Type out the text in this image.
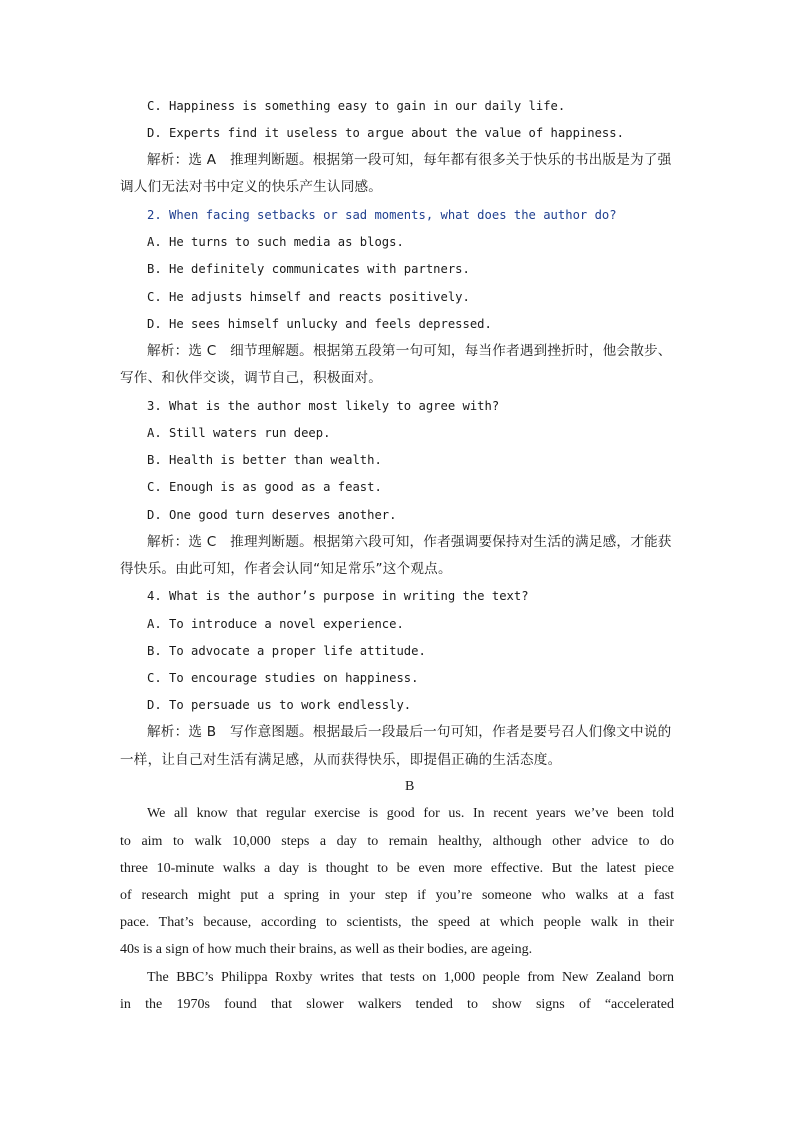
C. Happiness is something easy to gain in our daily life.
D. Experts find it useless to argue about the value of happiness.
解析：选 A　推理判断题。根据第一段可知，每年都有很多关于快乐的书出版是为了强
调人们无法对书中定义的快乐产生认同感。
2. When facing setbacks or sad moments, what does the author do?
A. He turns to such media as blogs.
B. He definitely communicates with partners.
C. He adjusts himself and reacts positively.
D. He sees himself unlucky and feels depressed.
解析：选 C　细节理解题。根据第五段第一句可知，每当作者遇到挫折时，他会散步、
写作、和伙伴交谈，调节自己，积极面对。
3. What is the author most likely to agree with?
A. Still waters run deep.
B. Health is better than wealth.
C. Enough is as good as a feast.
D. One good turn deserves another.
解析：选 C　推理判断题。根据第六段可知，作者强调要保持对生活的满足感，才能获
得快乐。由此可知，作者会认同“知足常乐”这个观点。
4. What is the author’s purpose in writing the text?
A. To introduce a novel experience.
B. To advocate a proper life attitude.
C. To encourage studies on happiness.
D. To persuade us to work endlessly.
解析：选 B　写作意图题。根据最后一段最后一句可知，作者是要号召人们像文中说的
一样，让自己对生活有满足感，从而获得快乐，即提倡正确的生活态度。
B
We all know that regular exercise is good for us. In recent years we’ve been told
to aim to walk 10,000 steps a day to remain healthy, although other advice to do
three 10-minute walks a day is thought to be even more effective. But the latest piece
of research might put a spring in your step if you’re someone who walks at a fast
pace. That’s because, according to scientists, the speed at which people walk in their
40s is a sign of how much their brains, as well as their bodies, are ageing.
The BBC’s Philippa Roxby writes that tests on 1,000 people from New Zealand born
in the 1970s found that slower walkers tended to show signs of “accelerated
